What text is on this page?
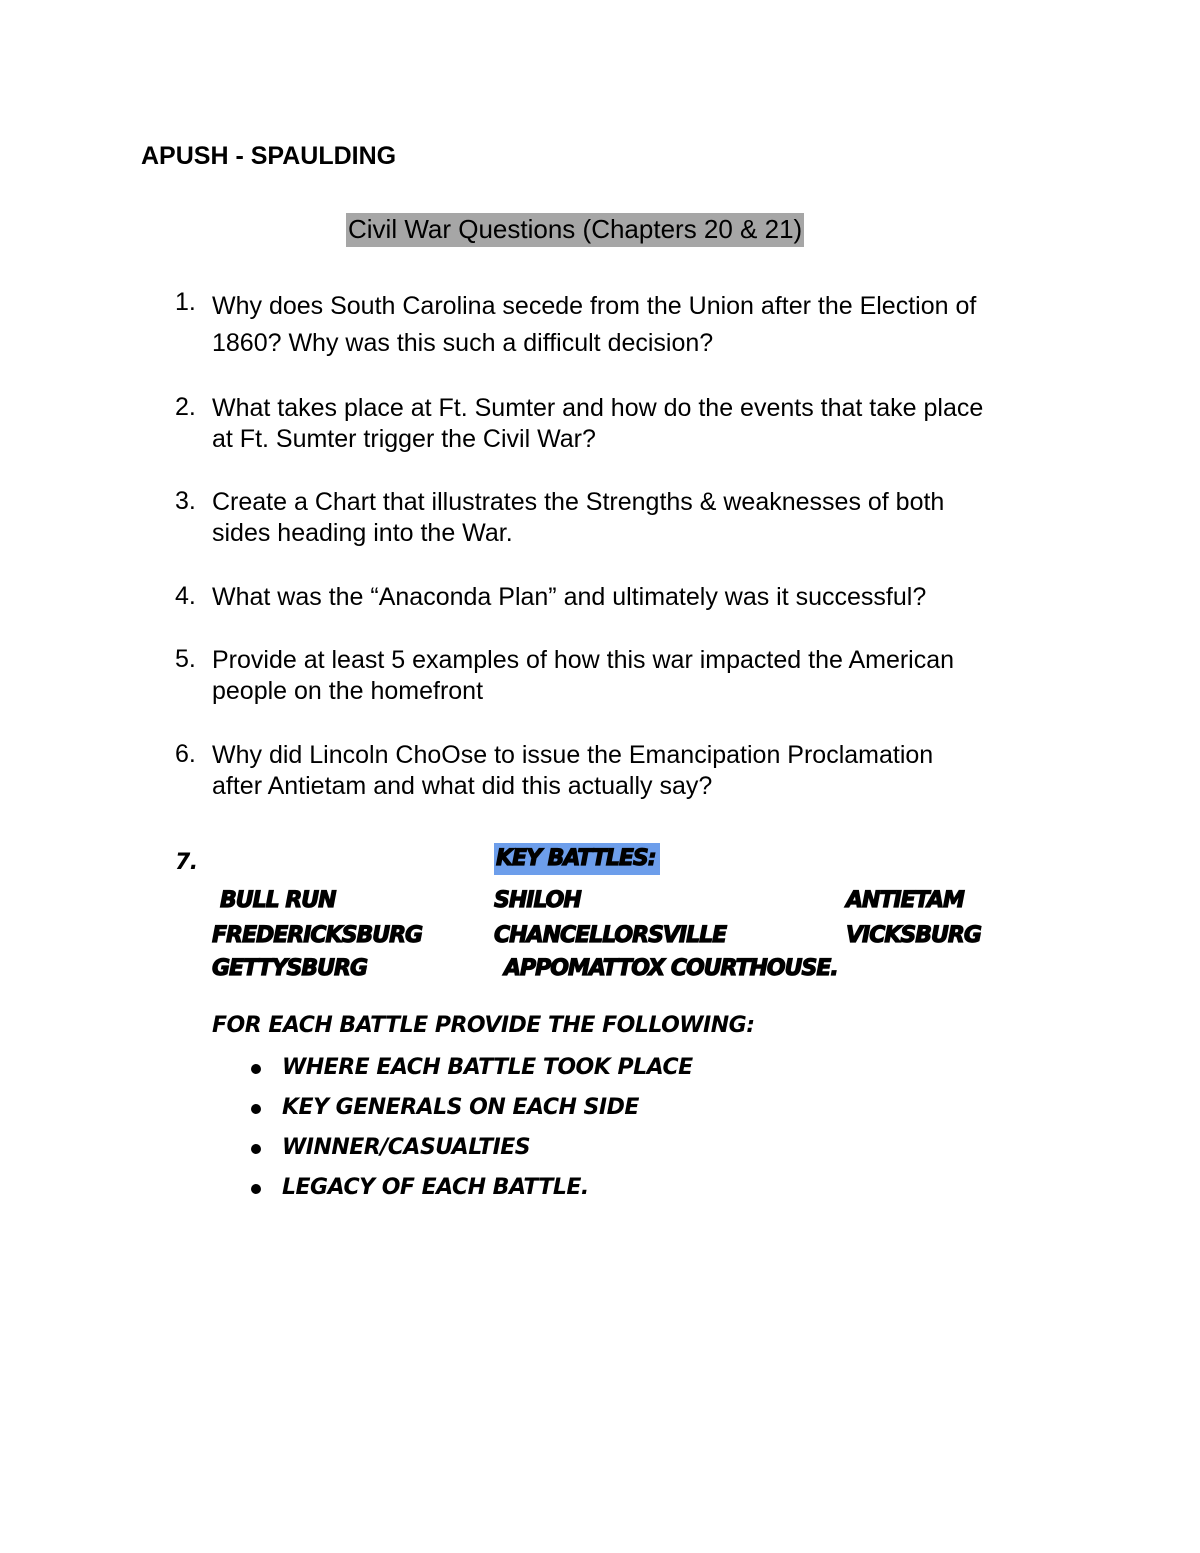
APUSH - SPAULDING
Civil War Questions (Chapters 20 & 21)
1. Why does South Carolina secede from the Union after the Election of
1860? Why was this such a difficult decision?
2. What takes place at Ft. Sumter and how do the events that take place
at Ft. Sumter trigger the Civil War?
3. Create a Chart that illustrates the Strengths & weaknesses of both
sides heading into the War.
4. What was the “Anaconda Plan” and ultimately was it successful?
5. Provide at least 5 examples of how this war impacted the American
people on the homefront
6. Why did Lincoln ChoOse to issue the Emancipation Proclamation
after Antietam and what did this actually say?
7.	KEY BATTLES:
BULL RUN	SHILOH	ANTIETAM
FREDERICKSBURG	CHANCELLORSVILLE	VICKSBURG
GETTYSBURG	APPOMATTOX COURTHOUSE.
FOR EACH BATTLE PROVIDE THE FOLLOWING:
WHERE EACH BATTLE TOOK PLACE
KEY GENERALS ON EACH SIDE
WINNER/CASUALTIES
LEGACY OF EACH BATTLE.
